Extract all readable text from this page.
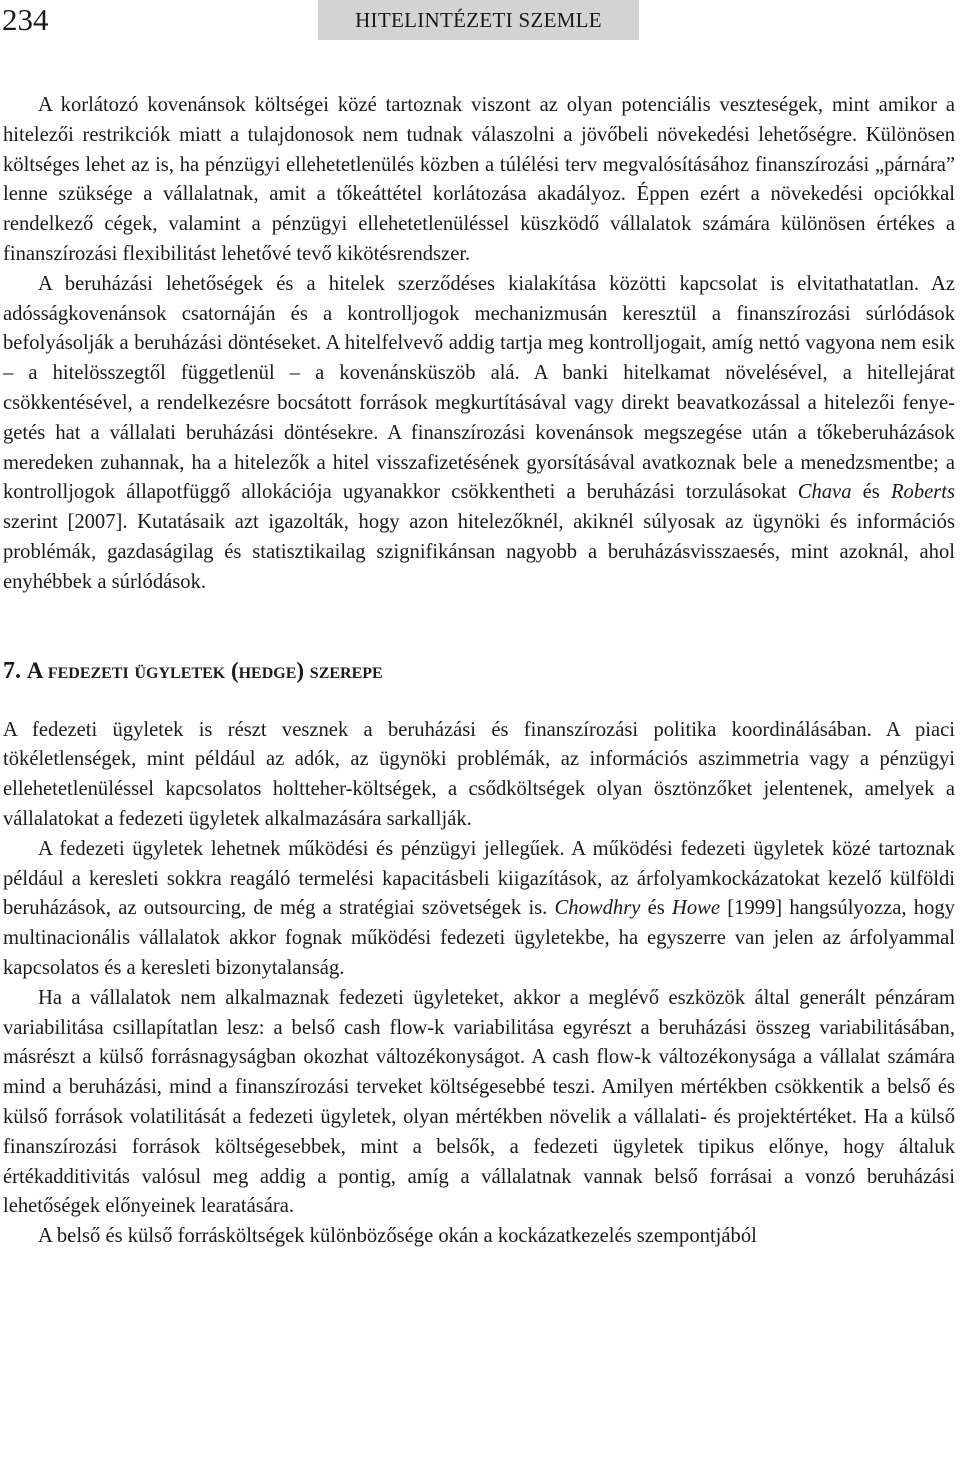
234	HITELINTÉZETI SZEMLE

A korlátozó kovenánsok költségei közé tartoznak viszont az olyan potenciális veszteségek, mint amikor a hitelezői restrikciók miatt a tulajdonosok nem tudnak válaszolni a jövőbeli növekedési lehetőségre. Különösen költséges lehet az is, ha pénzügyi ellehetetlenülés közben a túlélési terv megvalósításához finanszírozási „párnára” lenne szüksége a vállalatnak, amit a tőkeáttétel korlátozása akadályoz. Éppen ezért a növekedési opciókkal rendelkező cégek, valamint a pénzügyi ellehetetlenüléssel küszködő vállalatok számára különösen értékes a finanszírozási flexibilitást lehetővé tevő kikötésrendszer.

A beruházási lehetőségek és a hitelek szerződéses kialakítása közötti kapcsolat is elvitathatatlan. Az adósságkovenánsok csatornáján és a kontrolljogok mechanizmusán keresztül a finanszírozási súrlódások befolyásolják a beruházási döntéseket. A hitelfelvevő addig tartja meg kontrolljogait, amíg nettó vagyona nem esik – a hitelösszegtől függetlenül – a kovenánsküszöb alá. A banki hitelkamat növelésével, a hitellejárat csökkentésével, a rendelkezésre bocsátott források megkurtításával vagy direkt beavatkozással a hitelezői fenyegetés hat a vállalati beruházási döntésekre. A finanszírozási kovenánsok megszegése után a tőkeberuházások meredeken zuhannak, ha a hitelezők a hitel visszafizetésének gyorsításával avatkoznak bele a menedzsmentbe; a kontrolljogok állapotfüggő allokációja ugyanakkor csökkentheti a beruházási torzulásokat Chava és Roberts szerint [2007]. Kutatásaik azt igazolták, hogy azon hitelezőknél, akiknél súlyosak az ügynöki és információs problémák, gazdaságilag és statisztikailag szignifikánsan nagyobb a beruházásvisszaesés, mint azoknál, ahol enyhébbek a súrlódások.

7. A fedezeti ügyletek (hedge) szerepe

A fedezeti ügyletek is részt vesznek a beruházási és finanszírozási politika koordinálásában. A piaci tökéletlenségek, mint például az adók, az ügynöki problémák, az információs aszimmetria vagy a pénzügyi ellehetetlenüléssel kapcsolatos holtteher-költségek, a csődköltségek olyan ösztönzőket jelentenek, amelyek a vállalatokat a fedezeti ügyletek alkalmazására sarkallják.

A fedezeti ügyletek lehetnek működési és pénzügyi jellegűek. A működési fedezeti ügyletek közé tartoznak például a keresleti sokkra reagáló termelési kapacitásbeli kiigazítások, az árfolyamkockázatokat kezelő külföldi beruházások, az outsourcing, de még a stratégiai szövetségek is. Chowdhry és Howe [1999] hangsúlyozza, hogy multinacionális vállalatok akkor fognak működési fedezeti ügyletekbe, ha egyszerre van jelen az árfolyammal kapcsolatos és a keresleti bizonytalanság.

Ha a vállalatok nem alkalmaznak fedezeti ügyleteket, akkor a meglévő eszközök által generált pénzáram variabilitása csillapítatlan lesz: a belső cash flow-k variabilitása egyrészt a beruházási összeg variabilitásában, másrészt a külső forrásnagyságban okozhat változékonyságot. A cash flow-k változékonysága a vállalat számára mind a beruházási, mind a finanszírozási terveket költségesebbé teszi. Amilyen mértékben csökkentik a belső és külső források volatilitását a fedezeti ügyletek, olyan mértékben növelik a vállalati- és projektértéket. Ha a külső finanszírozási források költségesebbek, mint a belsők, a fedezeti ügyletek tipikus előnye, hogy általuk értékadditivitás valósul meg addig a pontig, amíg a vállalatnak vannak belső forrásai a vonzó beruházási lehetőségek előnyeinek learatására.

A belső és külső forrásköltségek különbözősége okán a kockázatkezelés szempontjából
